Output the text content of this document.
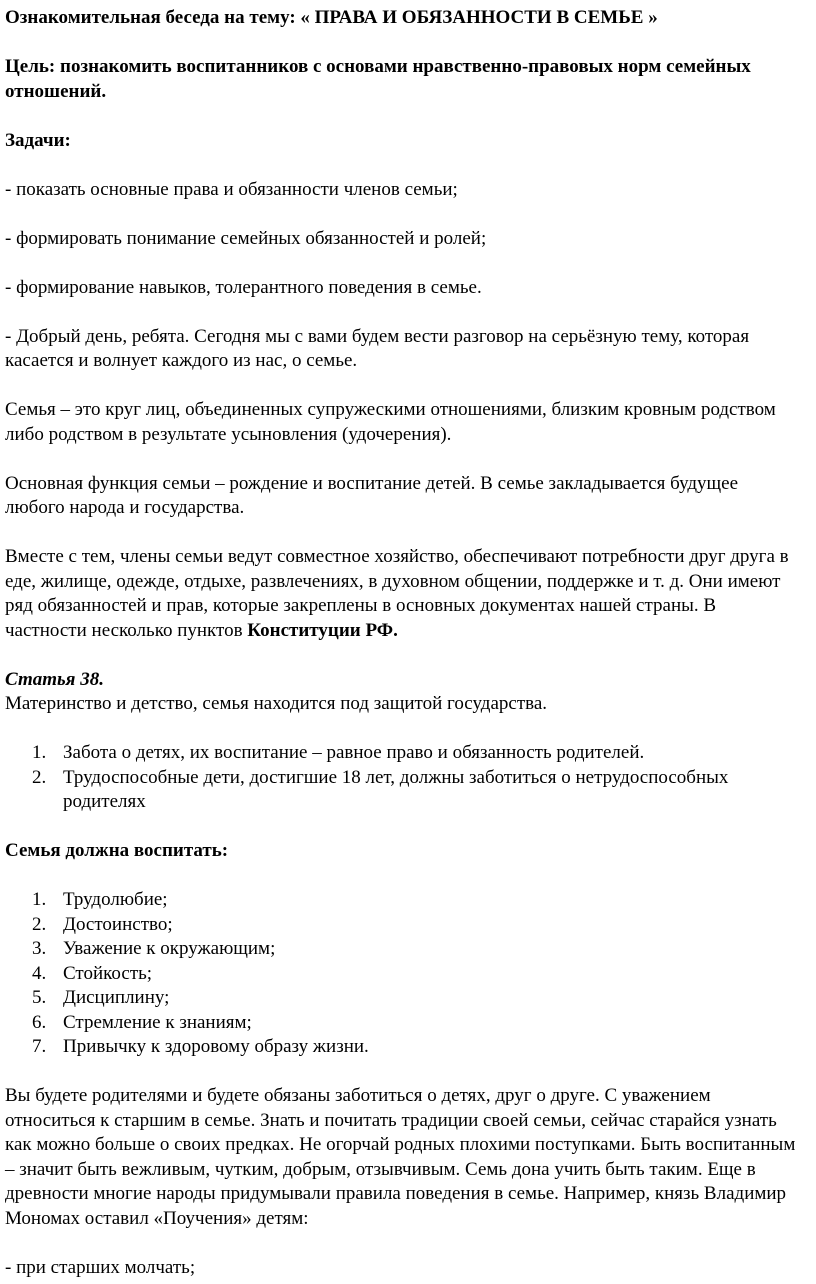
Ознакомительная беседа на тему: « ПРАВА И ОБЯЗАННОСТИ В СЕМЬЕ »

Цель: познакомить воспитанников с основами нравственно-правовых норм семейных отношений.

Задачи:

- показать основные права и обязанности членов семьи;

- формировать понимание семейных обязанностей и ролей;

- формирование навыков, толерантного поведения в семье.

- Добрый день, ребята. Сегодня мы с вами будем вести разговор на серьёзную тему, которая касается и волнует каждого из нас, о семье.

Семья – это круг лиц, объединенных супружескими отношениями, близким кровным родством либо родством в результате усыновления (удочерения).

Основная функция семьи – рождение и воспитание детей. В семье закладывается будущее любого народа и государства.

Вместе с тем, члены семьи ведут совместное хозяйство, обеспечивают потребности друг друга в еде, жилище, одежде, отдыхе, развлечениях, в духовном общении, поддержке и т. д. Они имеют ряд обязанностей и прав, которые закреплены в основных документах нашей страны. В частности несколько пунктов Конституции РФ.

Статья 38.

Материнство и детство, семья находится под защитой государства.

1. Забота о детях, их воспитание – равное право и обязанность родителей.
2. Трудоспособные дети, достигшие 18 лет, должны заботиться о нетрудоспособных родителях

Семья должна воспитать:

1. Трудолюбие;
2. Достоинство;
3. Уважение к окружающим;
4. Стойкость;
5. Дисциплину;
6. Стремление к знаниям;
7. Привычку к здоровому образу жизни.

Вы будете родителями и будете обязаны заботиться о детях, друг о друге. С уважением относиться к старшим в семье. Знать и почитать традиции своей семьи, сейчас старайся узнать как можно больше о своих предках. Не огорчай родных плохими поступками. Быть воспитанным – значит быть вежливым, чутким, добрым, отзывчивым. Семь дона учить быть таким. Еще в древности многие народы придумывали правила поведения в семье. Например, князь Владимир Мономах оставил «Поучения» детям:

- при старших молчать;
